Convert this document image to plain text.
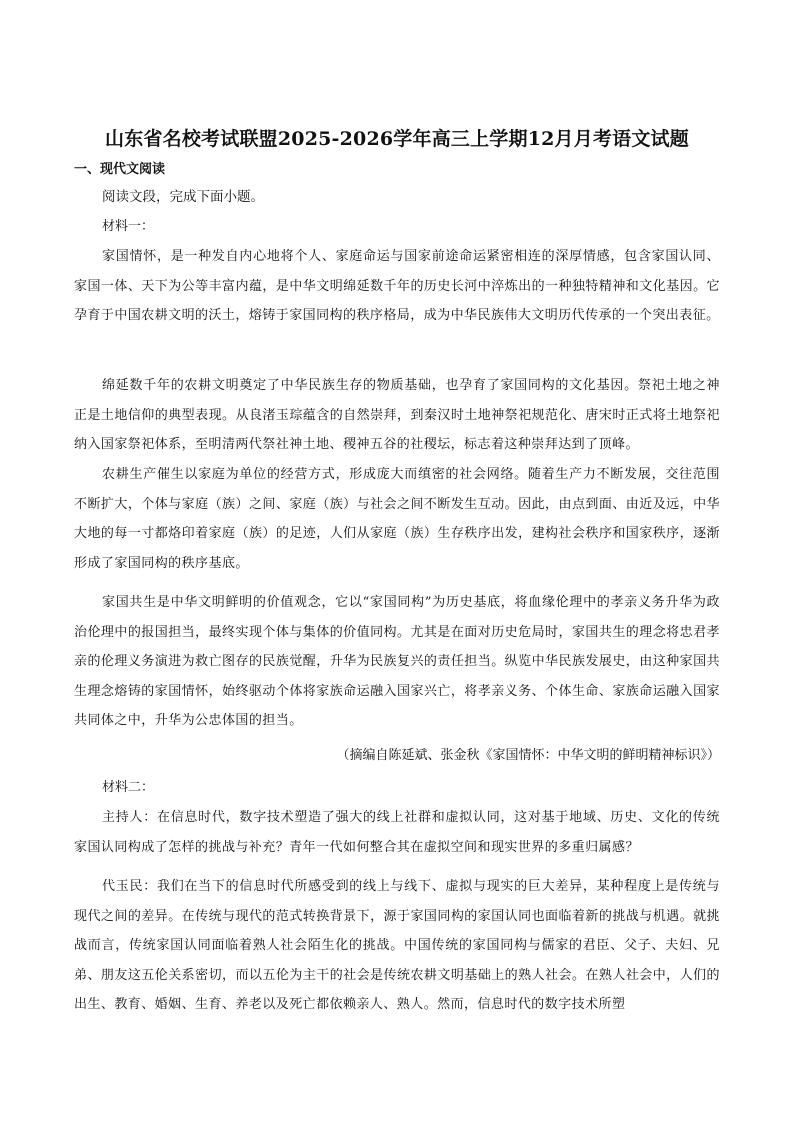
山东省名校考试联盟2025-2026学年高三上学期12月月考语文试题
一、现代文阅读
阅读文段，完成下面小题。
材料一：

家国情怀，是一种发自内心地将个人、家庭命运与国家前途命运紧密相连的深厚情感，包含家国认同、家国一体、天下为公等丰富内蕴，是中华文明绵延数千年的历史长河中淬炼出的一种独特精神和文化基因。它孕育于中国农耕文明的沃土，熔铸于家国同构的秩序格局，成为中华民族伟大文明历代传承的一个突出表征。

绵延数千年的农耕文明奠定了中华民族生存的物质基础，也孕育了家国同构的文化基因。祭祀土地之神正是土地信仰的典型表现。从良渚玉琮蕴含的自然崇拜，到秦汉时土地神祭祀规范化、唐宋时正式将土地祭祀纳入国家祭祀体系，至明清两代祭社神土地、稷神五谷的社稷坛，标志着这种崇拜达到了顶峰。

农耕生产催生以家庭为单位的经营方式，形成庞大而缜密的社会网络。随着生产力不断发展，交往范围不断扩大，个体与家庭（族）之间、家庭（族）与社会之间不断发生互动。因此，由点到面、由近及远，中华大地的每一寸都烙印着家庭（族）的足迹，人们从家庭（族）生存秩序出发，建构社会秩序和国家秩序，逐渐形成了家国同构的秩序基底。

家国共生是中华文明鲜明的价值观念，它以“家国同构”为历史基底，将血缘伦理中的孝亲义务升华为政治伦理中的报国担当，最终实现个体与集体的价值同构。尤其是在面对历史危局时，家国共生的理念将忠君孝亲的伦理义务演进为救亡图存的民族觉醒，升华为民族复兴的责任担当。纵览中华民族发展史，由这种家国共生理念熔铸的家国情怀，始终驱动个体将家族命运融入国家兴亡，将孝亲义务、个体生命、家族命运融入国家共同体之中，升华为公忠体国的担当。

（摘编自陈延斌、张金秋《家国情怀：中华文明的鲜明精神标识》）
材料二：

主持人：在信息时代，数字技术塑造了强大的线上社群和虚拟认同，这对基于地域、历史、文化的传统家国认同构成了怎样的挑战与补充？青年一代如何整合其在虚拟空间和现实世界的多重归属感？

代玉民：我们在当下的信息时代所感受到的线上与线下、虚拟与现实的巨大差异，某种程度上是传统与现代之间的差异。在传统与现代的范式转换背景下，源于家国同构的家国认同也面临着新的挑战与机遇。就挑战而言，传统家国认同面临着熟人社会陌生化的挑战。中国传统的家国同构与儒家的君臣、父子、夫妇、兄弟、朋友这五伦关系密切，而以五伦为主干的社会是传统农耕文明基础上的熟人社会。在熟人社会中，人们的出生、教育、婚姻、生育、养老以及死亡都依赖亲人、熟人。然而，信息时代的数字技术所塑
